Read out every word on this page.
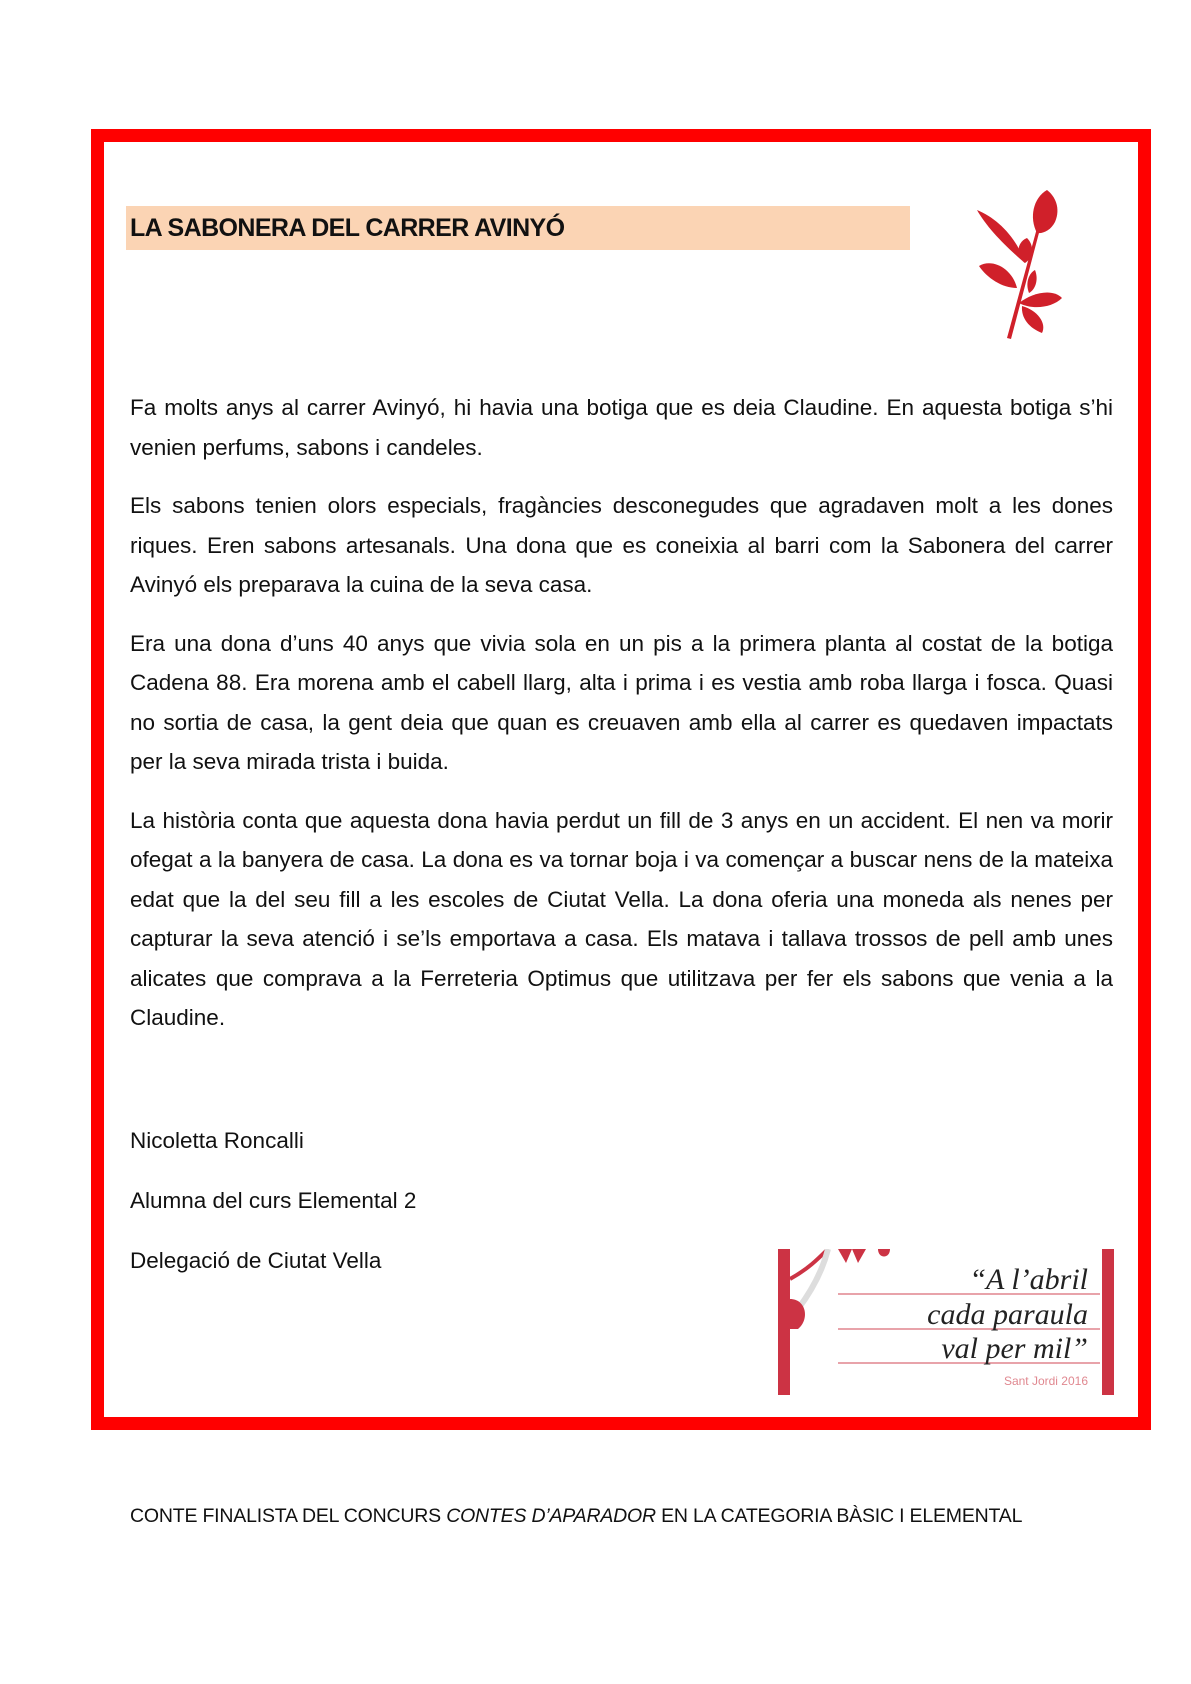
LA SABONERA DEL CARRER AVINYÓ

Fa molts anys al carrer Avinyó, hi havia una botiga que es deia Claudine. En aquesta botiga s’hi venien perfums, sabons i candeles.

Els sabons tenien olors especials, fragàncies desconegudes que agradaven molt a les dones riques. Eren sabons artesanals. Una dona que es coneixia al barri com la Sabonera del carrer Avinyó els preparava la cuina de la seva casa.

Era una dona d’uns 40 anys que vivia sola en un pis a la primera planta al costat de la botiga Cadena 88. Era morena amb el cabell llarg, alta i prima i es vestia amb roba llarga i fosca. Quasi no sortia de casa, la gent deia que quan es creuaven amb ella al carrer es quedaven impactats per la seva mirada trista i buida.

La història conta que aquesta dona havia perdut un fill de 3 anys en un accident. El nen va morir ofegat a la banyera de casa. La dona es va tornar boja i va començar a buscar nens de la mateixa edat que la del seu fill a les escoles de Ciutat Vella. La dona oferia una moneda als nenes per capturar la seva atenció i se’ls emportava a casa. Els matava i tallava trossos de pell amb unes alicates que comprava a la Ferreteria Optimus que utilitzava per fer els sabons que venia a la Claudine.

Nicoletta Roncalli
Alumna del curs Elemental 2
Delegació de Ciutat Vella
“A l’abril
cada paraula
val per mil”
Sant Jordi 2016
CONTE FINALISTA DEL CONCURS CONTES D’APARADOR EN LA CATEGORIA BÀSIC I ELEMENTAL
